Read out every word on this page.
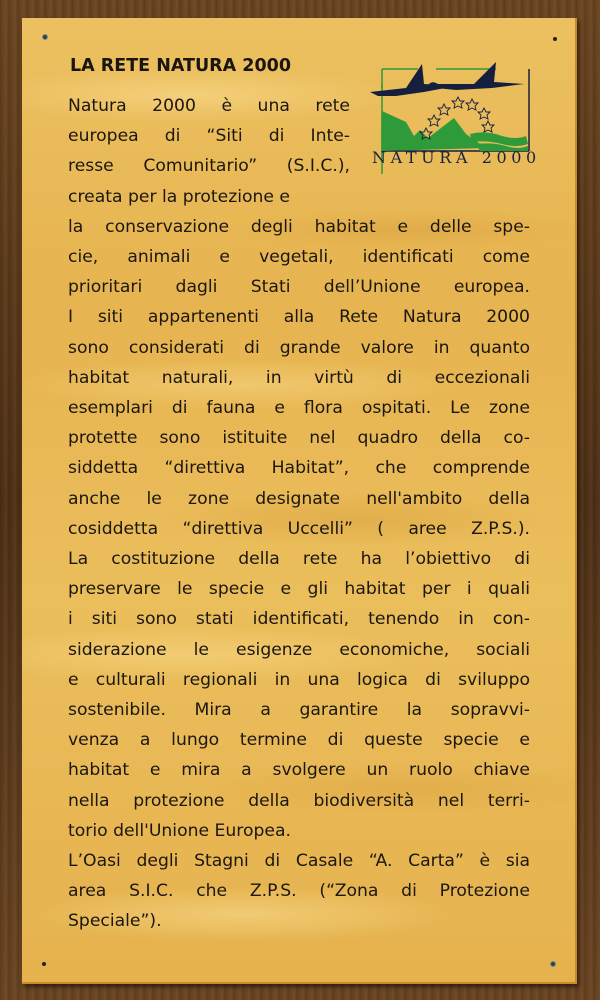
LA RETE NATURA 2000
NATURA 2000
Natura 2000 è una rete
europea di “Siti di Inte-
resse Comunitario” (S.I.C.),
creata per la protezione e
la conservazione degli habitat e delle spe-
cie, animali e vegetali, identificati come
prioritari dagli Stati dell’Unione europea.
I siti appartenenti alla Rete Natura 2000
sono considerati di grande valore in quanto
habitat naturali, in virtù di eccezionali
esemplari di fauna e flora ospitati. Le zone
protette sono istituite nel quadro della co-
siddetta “direttiva Habitat”, che comprende
anche le zone designate nell'ambito della
cosiddetta “direttiva Uccelli” ( aree Z.P.S.).
La costituzione della rete ha l’obiettivo di
preservare le specie e gli habitat per i quali
i siti sono stati identificati, tenendo in con-
siderazione le esigenze economiche, sociali
e culturali regionali in una logica di sviluppo
sostenibile. Mira a garantire la sopravvi-
venza a lungo termine di queste specie e
habitat e mira a svolgere un ruolo chiave
nella protezione della biodiversità nel terri-
torio dell'Unione Europea.
L’Oasi degli Stagni di Casale “A. Carta” è sia
area S.I.C. che Z.P.S. (“Zona di Protezione
Speciale”).
